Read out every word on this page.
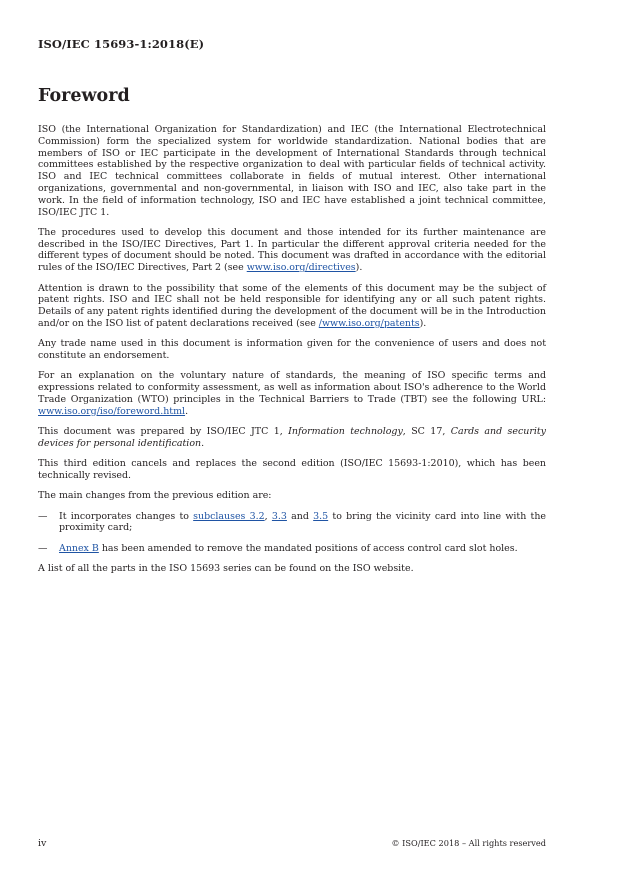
ISO/IEC 15693-1:2018(E)
Foreword

ISO (the International Organization for Standardization) and IEC (the International Electrotechnical Commission) form the specialized system for worldwide standardization. National bodies that are members of ISO or IEC participate in the development of International Standards through technical committees established by the respective organization to deal with particular fields of technical activity. ISO and IEC technical committees collaborate in fields of mutual interest. Other international organizations, governmental and non-governmental, in liaison with ISO and IEC, also take part in the work. In the field of information technology, ISO and IEC have established a joint technical committee, ISO/IEC JTC 1.

The procedures used to develop this document and those intended for its further maintenance are described in the ISO/IEC Directives, Part 1. In particular the different approval criteria needed for the different types of document should be noted. This document was drafted in accordance with the editorial rules of the ISO/IEC Directives, Part 2 (see www.iso.org/directives).

Attention is drawn to the possibility that some of the elements of this document may be the subject of patent rights. ISO and IEC shall not be held responsible for identifying any or all such patent rights. Details of any patent rights identified during the development of the document will be in the Introduction and/or on the ISO list of patent declarations received (see /www.iso.org/patents).

Any trade name used in this document is information given for the convenience of users and does not constitute an endorsement.

For an explanation on the voluntary nature of standards, the meaning of ISO specific terms and expressions related to conformity assessment, as well as information about ISO's adherence to the World Trade Organization (WTO) principles in the Technical Barriers to Trade (TBT) see the following URL: www.iso.org/iso/foreword.html.

This document was prepared by ISO/IEC JTC 1, Information technology, SC 17, Cards and security devices for personal identification.

This third edition cancels and replaces the second edition (ISO/IEC 15693-1:2010), which has been technically revised.

The main changes from the previous edition are:

— It incorporates changes to subclauses 3.2, 3.3 and 3.5 to bring the vicinity card into line with the proximity card;
— Annex B has been amended to remove the mandated positions of access control card slot holes.

A list of all the parts in the ISO 15693 series can be found on the ISO website.

iv	© ISO/IEC 2018 – All rights reserved
